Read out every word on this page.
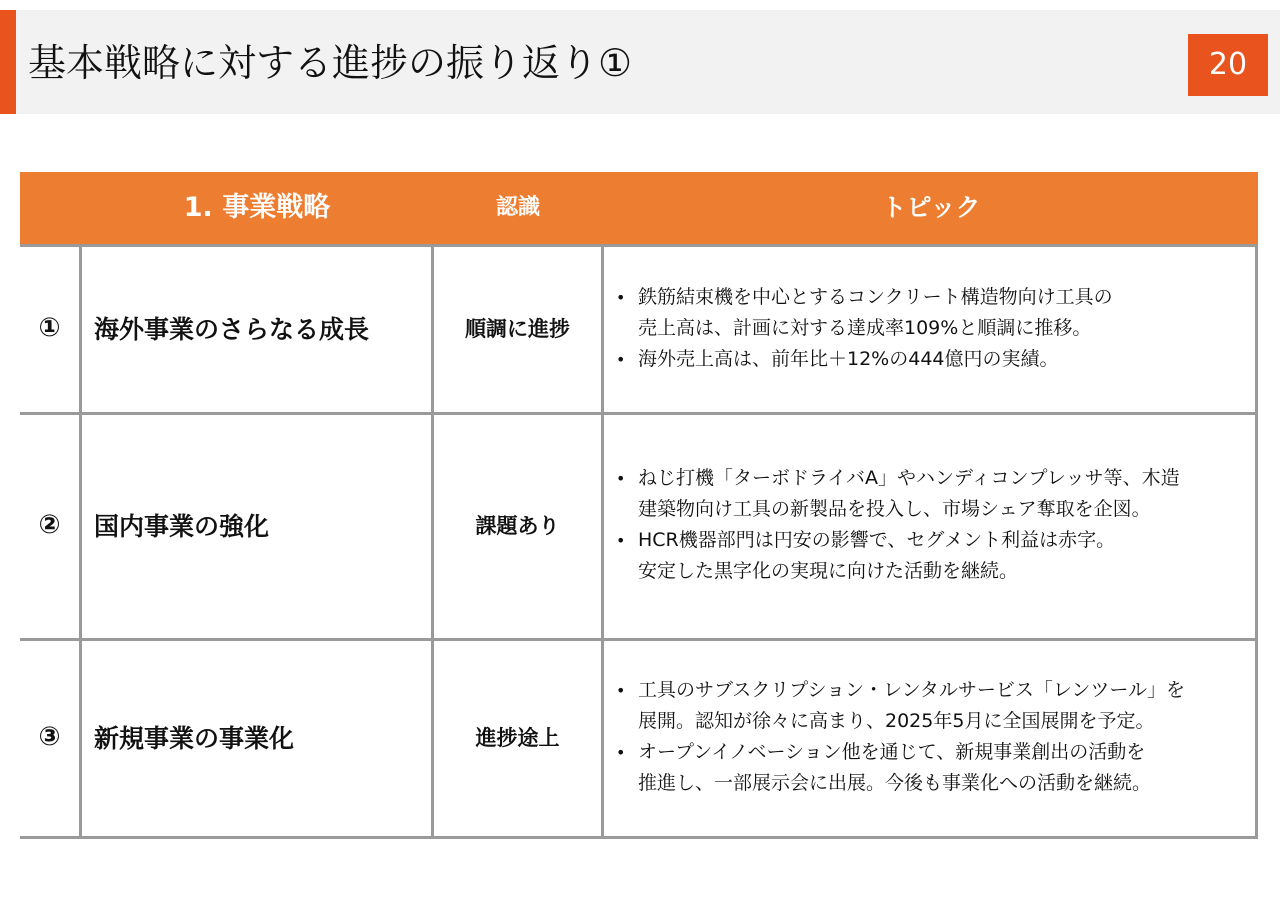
基本戦略に対する進捗の振り返り①	20
1. 事業戦略	認識	トピック
①	海外事業のさらなる成長	順調に進捗
• 鉄筋結束機を中心とするコンクリート構造物向け工具の
売上高は、計画に対する達成率109%と順調に推移。
• 海外売上高は、前年比＋12%の444億円の実績。
②	国内事業の強化	課題あり
• ねじ打機「ターボドライバA」やハンディコンプレッサ等、木造
建築物向け工具の新製品を投入し、市場シェア奪取を企図。
• HCR機器部門は円安の影響で、セグメント利益は赤字。
安定した黒字化の実現に向けた活動を継続。
③	新規事業の事業化	進捗途上
• 工具のサブスクリプション・レンタルサービス「レンツール」を
展開。認知が徐々に高まり、2025年5月に全国展開を予定。
• オープンイノベーション他を通じて、新規事業創出の活動を
推進し、一部展示会に出展。今後も事業化への活動を継続。
